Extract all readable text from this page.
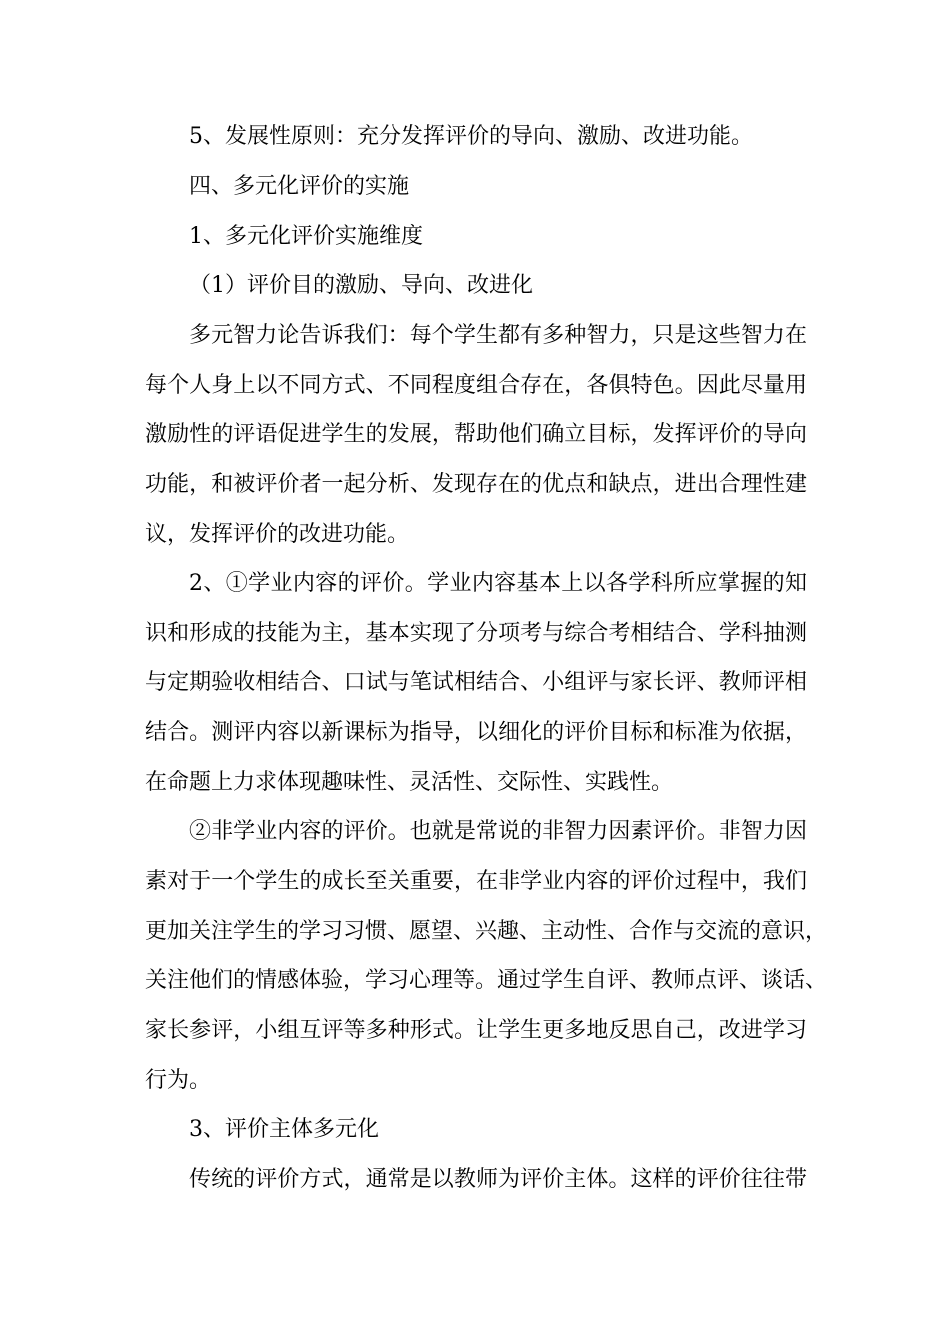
5、发展性原则：充分发挥评价的导向、激励、改进功能。
四、多元化评价的实施
1、多元化评价实施维度
（1）评价目的激励、导向、改进化
多元智力论告诉我们：每个学生都有多种智力，只是这些智力在
每个人身上以不同方式、不同程度组合存在，各俱特色。因此尽量用
激励性的评语促进学生的发展，帮助他们确立目标，发挥评价的导向
功能，和被评价者一起分析、发现存在的优点和缺点，进出合理性建
议，发挥评价的改进功能。
2、①学业内容的评价。学业内容基本上以各学科所应掌握的知
识和形成的技能为主，基本实现了分项考与综合考相结合、学科抽测
与定期验收相结合、口试与笔试相结合、小组评与家长评、教师评相
结合。测评内容以新课标为指导，以细化的评价目标和标准为依据，
在命题上力求体现趣味性、灵活性、交际性、实践性。
②非学业内容的评价。也就是常说的非智力因素评价。非智力因
素对于一个学生的成长至关重要，在非学业内容的评价过程中，我们
更加关注学生的学习习惯、愿望、兴趣、主动性、合作与交流的意识，
关注他们的情感体验，学习心理等。通过学生自评、教师点评、谈话、
家长参评，小组互评等多种形式。让学生更多地反思自己，改进学习
行为。
3、评价主体多元化
传统的评价方式，通常是以教师为评价主体。这样的评价往往带
